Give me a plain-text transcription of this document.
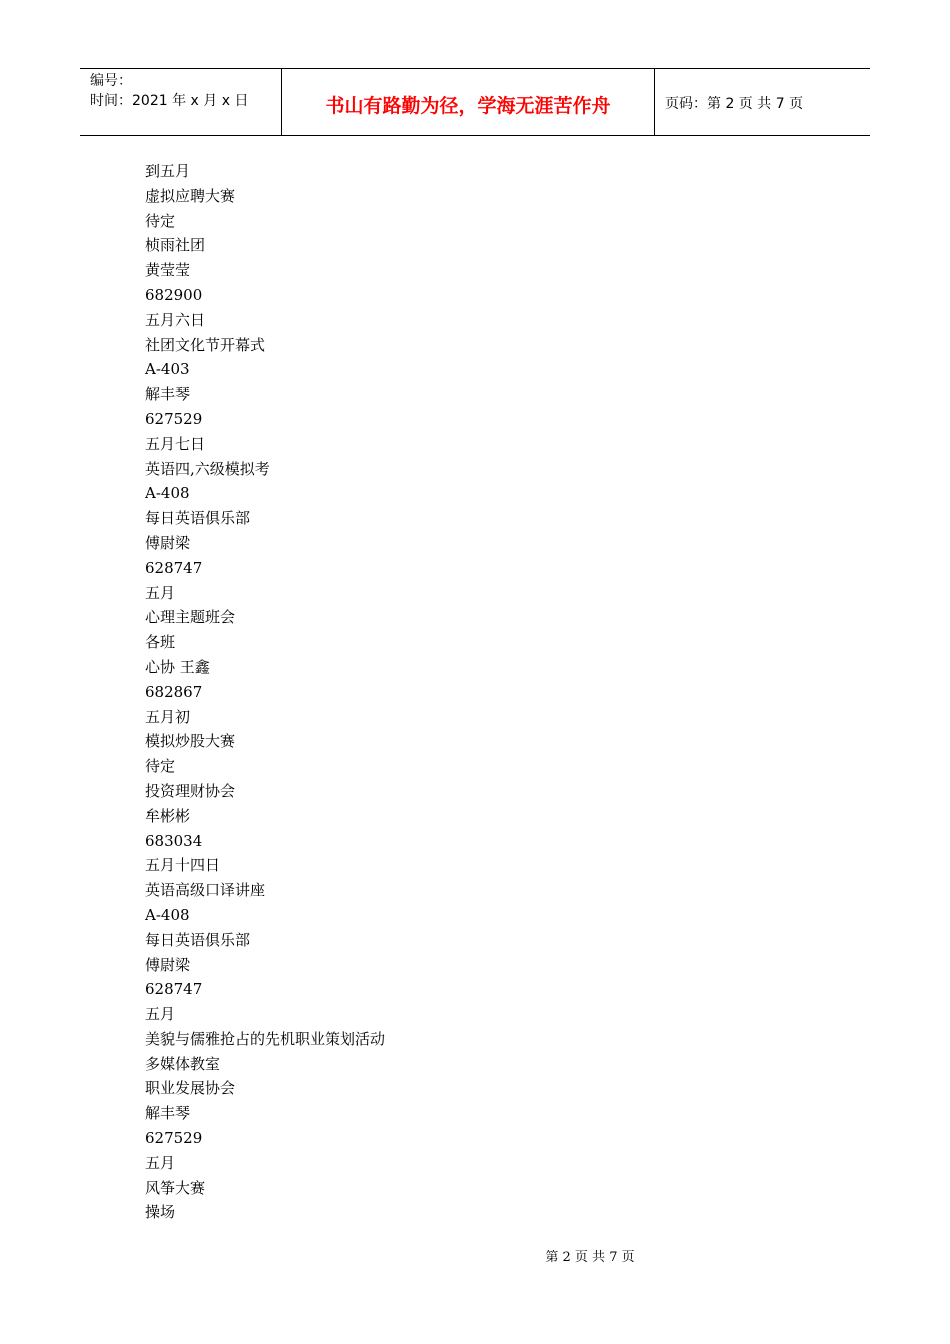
编号：
时间：2021 年 x 月 x 日	书山有路勤为径，学海无涯苦作舟	页码：第 2 页 共 7 页
到五月
虚拟应聘大赛
待定
桢雨社团
黄莹莹
682900
五月六日
社团文化节开幕式
A-403
解丰琴
627529
五月七日
英语四,六级模拟考
A-408
每日英语俱乐部
傅尉梁
628747
五月
心理主题班会
各班
心协 王鑫
682867
五月初
模拟炒股大赛
待定
投资理财协会
牟彬彬
683034
五月十四日
英语高级口译讲座
A-408
每日英语俱乐部
傅尉梁
628747
五月
美貌与儒雅抢占的先机职业策划活动
多媒体教室
职业发展协会
解丰琴
627529
五月
风筝大赛
操场
第 2 页 共 7 页
